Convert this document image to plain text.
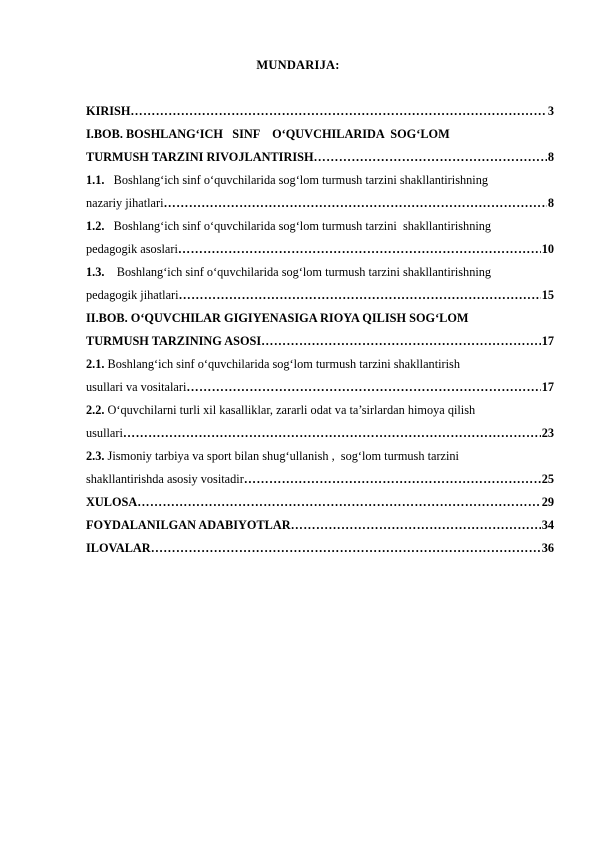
MUNDARIJA:
KIRISH ……………………………………………………………………………………………………………………………………………………………………………………	3
I.BOB. BOSHLANG‘ICH   SINF    O‘QUVCHILARIDA  SOG‘LOM
TURMUSH TARZINI RIVOJLANTIRISH ……………………………………………………………………………………………………………………………………………………………………………………	8
1.1. Boshlang‘ich sinf o‘quvchilarida sog‘lom turmush tarzini shakllantirishning
nazariy jihatlari ……………………………………………………………………………………………………………………………………………………………………………………	8
1.2. Boshlang‘ich sinf o‘quvchilarida sog‘lom turmush tarzini  shakllantirishning
pedagogik asoslari ……………………………………………………………………………………………………………………………………………………………………………………	10
1.3. Boshlang‘ich sinf o‘quvchilarida sog‘lom turmush tarzini shakllantirishning
pedagogik jihatlari ……………………………………………………………………………………………………………………………………………………………………………………	15
II.BOB. O‘QUVCHILAR GIGIYENASIGA RIOYA QILISH SOG‘LOM
TURMUSH TARZINING ASOSI ……………………………………………………………………………………………………………………………………………………………………………………	17
2.1. Boshlang‘ich sinf o‘quvchilarida sog‘lom turmush tarzini shakllantirish
usullari va vositalari ……………………………………………………………………………………………………………………………………………………………………………………	17
2.2. O‘quvchilarni turli xil kasalliklar, zararli odat va ta’sirlardan himoya qilish
usullari ……………………………………………………………………………………………………………………………………………………………………………………	23
2.3. Jismoniy tarbiya va sport bilan shug‘ullanish ,  sog‘lom turmush tarzini
shakllantirishda asosiy vositadir ……………………………………………………………………………………………………………………………………………………………………………………	25
XULOSA ……………………………………………………………………………………………………………………………………………………………………………………	29
FOYDALANILGAN ADABIYOTLAR ……………………………………………………………………………………………………………………………………………………………………………………	34
ILOVALAR ……………………………………………………………………………………………………………………………………………………………………………………	36
